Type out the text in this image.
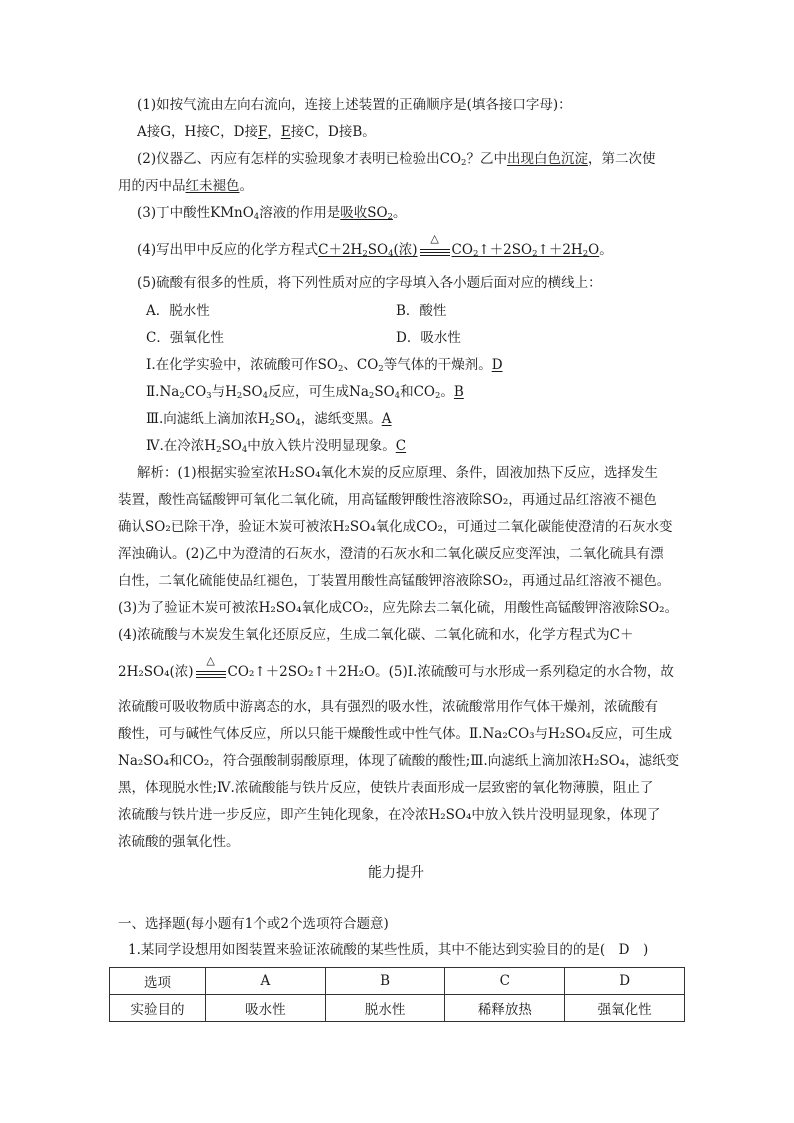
(1)如按气流由左向右流向，连接上述装置的正确顺序是(填各接口字母)：
A接G，H接C，D接F，E接C，D接B。
(2)仪器乙、丙应有怎样的实验现象才表明已检验出$CO_2$？乙中出现白色沉淀，第二次使
用的丙中品红未褪色。
(3)丁中酸性KMnO$_4$溶液的作用是吸收$SO_2$。
(4)写出甲中反应的化学方程式$C+2H_2SO_4$(浓)
△
$CO_2↑+2SO_2↑+2H_2O$。
(5)硫酸有很多的性质，将下列性质对应的字母填入各小题后面对应的横线上：
A．脱水性	B．酸性
C．强氧化性	D．吸水性
Ⅰ.在化学实验中，浓硫酸可作$SO_2$、$CO_2$等气体的干燥剂。D
$Ⅱ.Na_2CO_3$与$H_2SO_4$反应，可生成$Na_2SO_4$和$CO_2$。B
Ⅲ.向滤纸上滴加浓$H_2SO_4$，滤纸变黑。A
Ⅳ.在冷浓$H_2SO_4$中放入铁片没明显现象。C
解析：(1)根据实验室浓H₂SO₄氧化木炭的反应原理、条件，固液加热下反应，选择发生
装置，酸性高锰酸钾可氧化二氧化硫，用高锰酸钾酸性溶液除SO₂，再通过品红溶液不褪色
确认SO₂已除干净，验证木炭可被浓H₂SO₄氧化成CO₂，可通过二氧化碳能使澄清的石灰水变
浑浊确认。(2)乙中为澄清的石灰水，澄清的石灰水和二氧化碳反应变浑浊，二氧化硫具有漂
白性，二氧化硫能使品红褪色，丁装置用酸性高锰酸钾溶液除SO₂，再通过品红溶液不褪色。
(3)为了验证木炭可被浓H₂SO₄氧化成CO₂，应先除去二氧化硫，用酸性高锰酸钾溶液除SO₂。
(4)浓硫酸与木炭发生氧化还原反应，生成二氧化碳、二氧化硫和水，化学方程式为C＋
2H₂SO₄(浓)
△
CO₂↑＋2SO₂↑＋2H₂O。(5)Ⅰ.浓硫酸可与水形成一系列稳定的水合物，故
浓硫酸可吸收物质中游离态的水，具有强烈的吸水性，浓硫酸常用作气体干燥剂，浓硫酸有
酸性，可与碱性气体反应，所以只能干燥酸性或中性气体。Ⅱ.Na₂CO₃与H₂SO₄反应，可生成
Na₂SO₄和CO₂，符合强酸制弱酸原理，体现了硫酸的酸性;Ⅲ.向滤纸上滴加浓H₂SO₄，滤纸变
黑，体现脱水性;Ⅳ.浓硫酸能与铁片反应，使铁片表面形成一层致密的氧化物薄膜，阻止了
浓硫酸与铁片进一步反应，即产生钝化现象，在冷浓H₂SO₄中放入铁片没明显现象，体现了
浓硫酸的强氧化性。
能力提升
一、选择题(每小题有1个或2个选项符合题意)
1.某同学设想用如图装置来验证浓硫酸的某些性质，其中不能达到实验目的的是(　D　)
选项	A	B	C	D
实验目的	吸水性	脱水性	稀释放热	强氧化性
